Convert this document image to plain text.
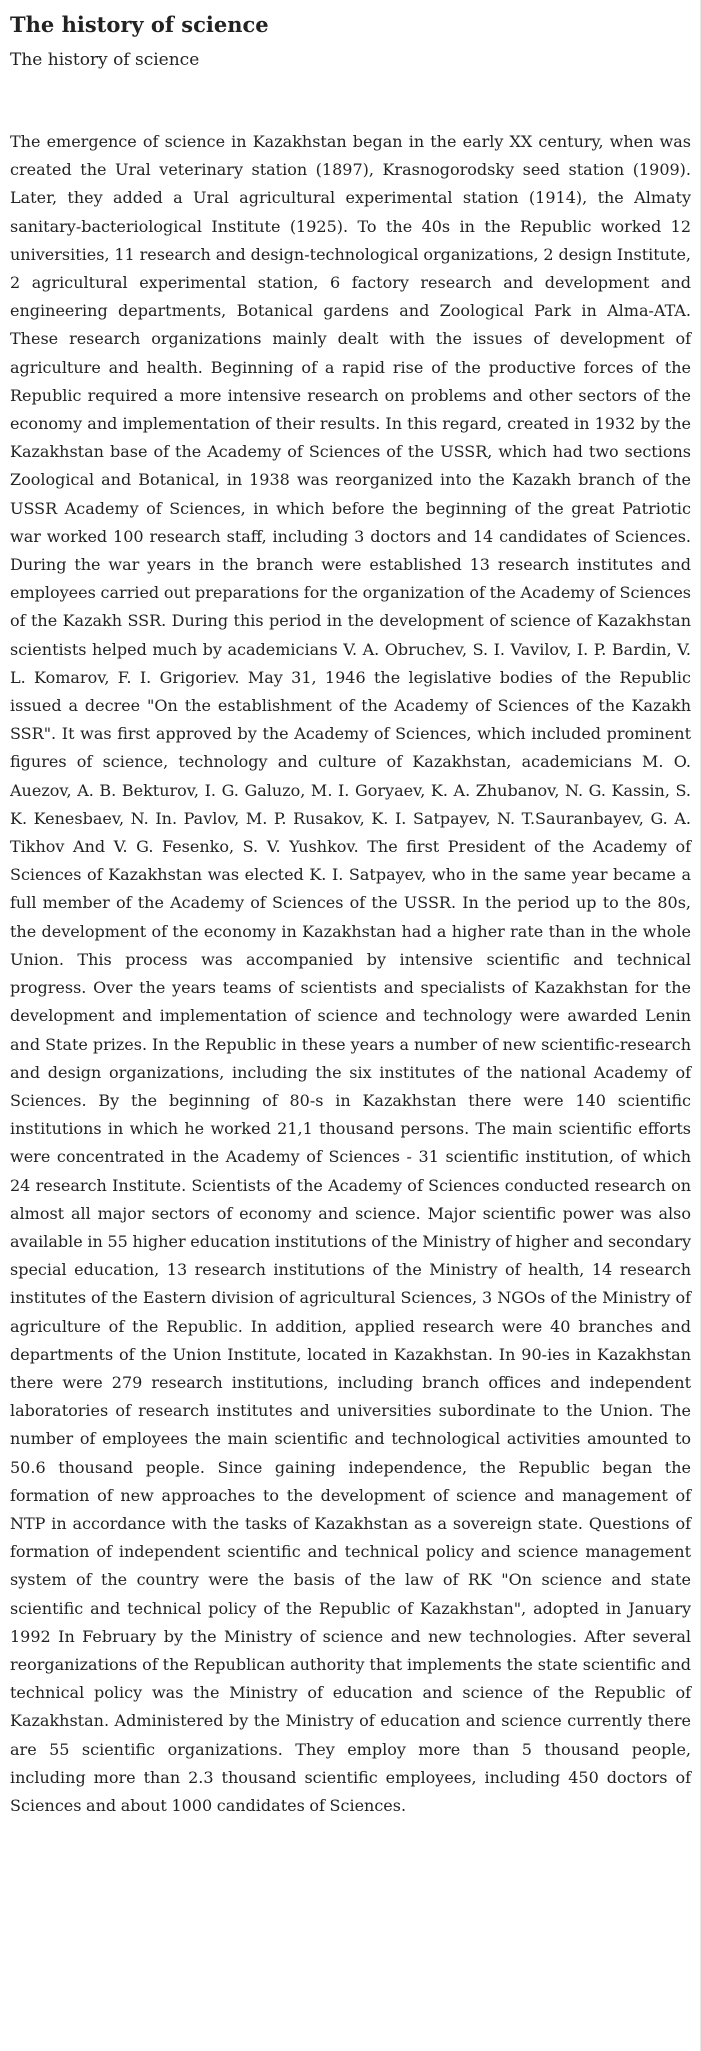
The history of science
The history of science

The emergence of science in Kazakhstan began in the early XX century, when was created the Ural veterinary station (1897), Krasnogorodsky seed station (1909). Later, they added a Ural agricultural experimental station (1914), the Almaty sanitary-bacteriological Institute (1925). To the 40s in the Republic worked 12 universities, 11 research and design-technological organizations, 2 design Institute, 2 agricultural experimental station, 6 factory research and development and engineering departments, Botanical gardens and Zoological Park in Alma-ATA. These research organizations mainly dealt with the issues of development of agriculture and health. Beginning of a rapid rise of the productive forces of the Republic required a more intensive research on problems and other sectors of the economy and implementation of their results. In this regard, created in 1932 by the Kazakhstan base of the Academy of Sciences of the USSR, which had two sections Zoological and Botanical, in 1938 was reorganized into the Kazakh branch of the USSR Academy of Sciences, in which before the beginning of the great Patriotic war worked 100 research staff, including 3 doctors and 14 candidates of Sciences. During the war years in the branch were established 13 research institutes and employees carried out preparations for the organization of the Academy of Sciences of the Kazakh SSR. During this period in the development of science of Kazakhstan scientists helped much by academicians V. A. Obruchev, S. I. Vavilov, I. P. Bardin, V. L. Komarov, F. I. Grigoriev. May 31, 1946 the legislative bodies of the Republic issued a decree "On the establishment of the Academy of Sciences of the Kazakh SSR". It was first approved by the Academy of Sciences, which included prominent figures of science, technology and culture of Kazakhstan, academicians M. O. Auezov, A. B. Bekturov, I. G. Galuzo, M. I. Goryaev, K. A. Zhubanov, N. G. Kassin, S. K. Kenesbaev, N. In. Pavlov, M. P. Rusakov, K. I. Satpayev, N. T.Sauranbayev, G. A. Tikhov And V. G. Fesenko, S. V. Yushkov. The first President of the Academy of Sciences of Kazakhstan was elected K. I. Satpayev, who in the same year became a full member of the Academy of Sciences of the USSR. In the period up to the 80s, the development of the economy in Kazakhstan had a higher rate than in the whole Union. This process was accompanied by intensive scientific and technical progress. Over the years teams of scientists and specialists of Kazakhstan for the development and implementation of science and technology were awarded Lenin and State prizes. In the Republic in these years a number of new scientific-research and design organizations, including the six institutes of the national Academy of Sciences. By the beginning of 80-s in Kazakhstan there were 140 scientific institutions in which he worked 21,1 thousand persons. The main scientific efforts were concentrated in the Academy of Sciences - 31 scientific institution, of which 24 research Institute. Scientists of the Academy of Sciences conducted research on almost all major sectors of economy and science. Major scientific power was also available in 55 higher education institutions of the Ministry of higher and secondary special education, 13 research institutions of the Ministry of health, 14 research institutes of the Eastern division of agricultural Sciences, 3 NGOs of the Ministry of agriculture of the Republic. In addition, applied research were 40 branches and departments of the Union Institute, located in Kazakhstan. In 90-ies in Kazakhstan there were 279 research institutions, including branch offices and independent laboratories of research institutes and universities subordinate to the Union. The number of employees the main scientific and technological activities amounted to 50.6 thousand people. Since gaining independence, the Republic began the formation of new approaches to the development of science and management of NTP in accordance with the tasks of Kazakhstan as a sovereign state. Questions of formation of independent scientific and technical policy and science management system of the country were the basis of the law of RK "On science and state scientific and technical policy of the Republic of Kazakhstan", adopted in January 1992 In February by the Ministry of science and new technologies. After several reorganizations of the Republican authority that implements the state scientific and technical policy was the Ministry of education and science of the Republic of Kazakhstan. Administered by the Ministry of education and science currently there are 55 scientific organizations. They employ more than 5 thousand people, including more than 2.3 thousand scientific employees, including 450 doctors of Sciences and about 1000 candidates of Sciences.
